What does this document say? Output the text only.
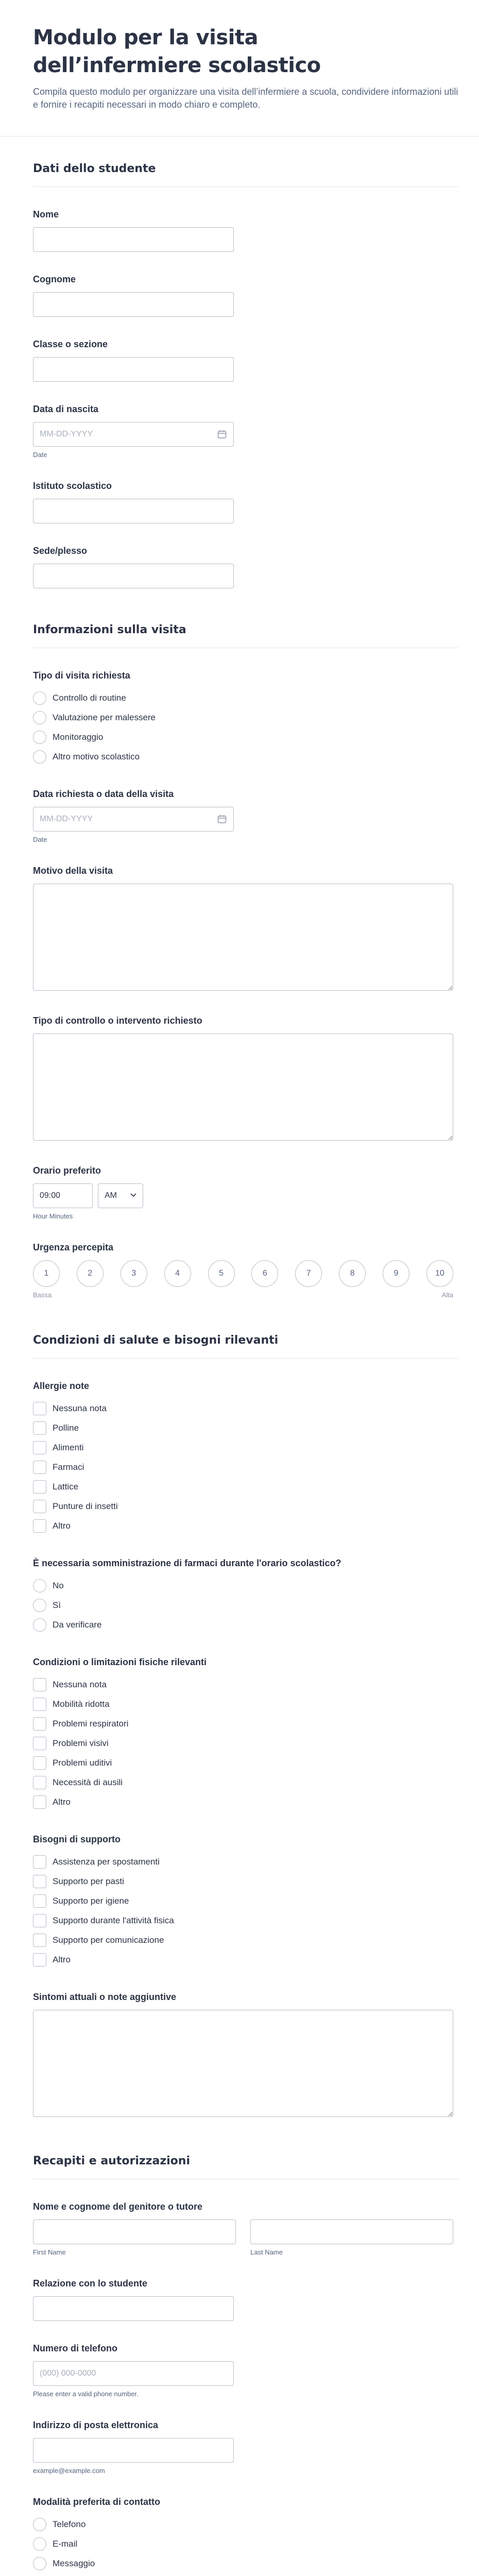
Modulo per la visita dell’infermiere scolastico

Compila questo modulo per organizzare una visita dell’infermiere a scuola, condividere informazioni utili e fornire i recapiti necessari in modo chiaro e completo.

Dati dello studente
Nome
Cognome
Classe o sezione
Data di nascita
MM-DD-YYYY
Date
Istituto scolastico
Sede/plesso
Informazioni sulla visita
Tipo di visita richiesta
Controllo di routine
Valutazione per malessere
Monitoraggio
Altro motivo scolastico
Data richiesta o data della visita
MM-DD-YYYY
Date
Motivo della visita
Tipo di controllo o intervento richiesto
Orario preferito
09:00
AM
Hour Minutes
Urgenza percepita
1	2	3	4	5	6	7	8	9	10
Bassa	Alta
Condizioni di salute e bisogni rilevanti
Allergie note
Nessuna nota
Polline
Alimenti
Farmaci
Lattice
Punture di insetti
Altro
È necessaria somministrazione di farmaci durante l'orario scolastico?
No
Sì
Da verificare
Condizioni o limitazioni fisiche rilevanti
Nessuna nota
Mobilità ridotta
Problemi respiratori
Problemi visivi
Problemi uditivi
Necessità di ausili
Altro
Bisogni di supporto
Assistenza per spostamenti
Supporto per pasti
Supporto per igiene
Supporto durante l'attività fisica
Supporto per comunicazione
Altro
Sintomi attuali o note aggiuntive
Recapiti e autorizzazioni
Nome e cognome del genitore o tutore
First Name	Last Name
Relazione con lo studente
Numero di telefono
(000) 000-0000
Please enter a valid phone number.
Indirizzo di posta elettronica
example@example.com
Modalità preferita di contatto
Telefono
E-mail
Messaggio
